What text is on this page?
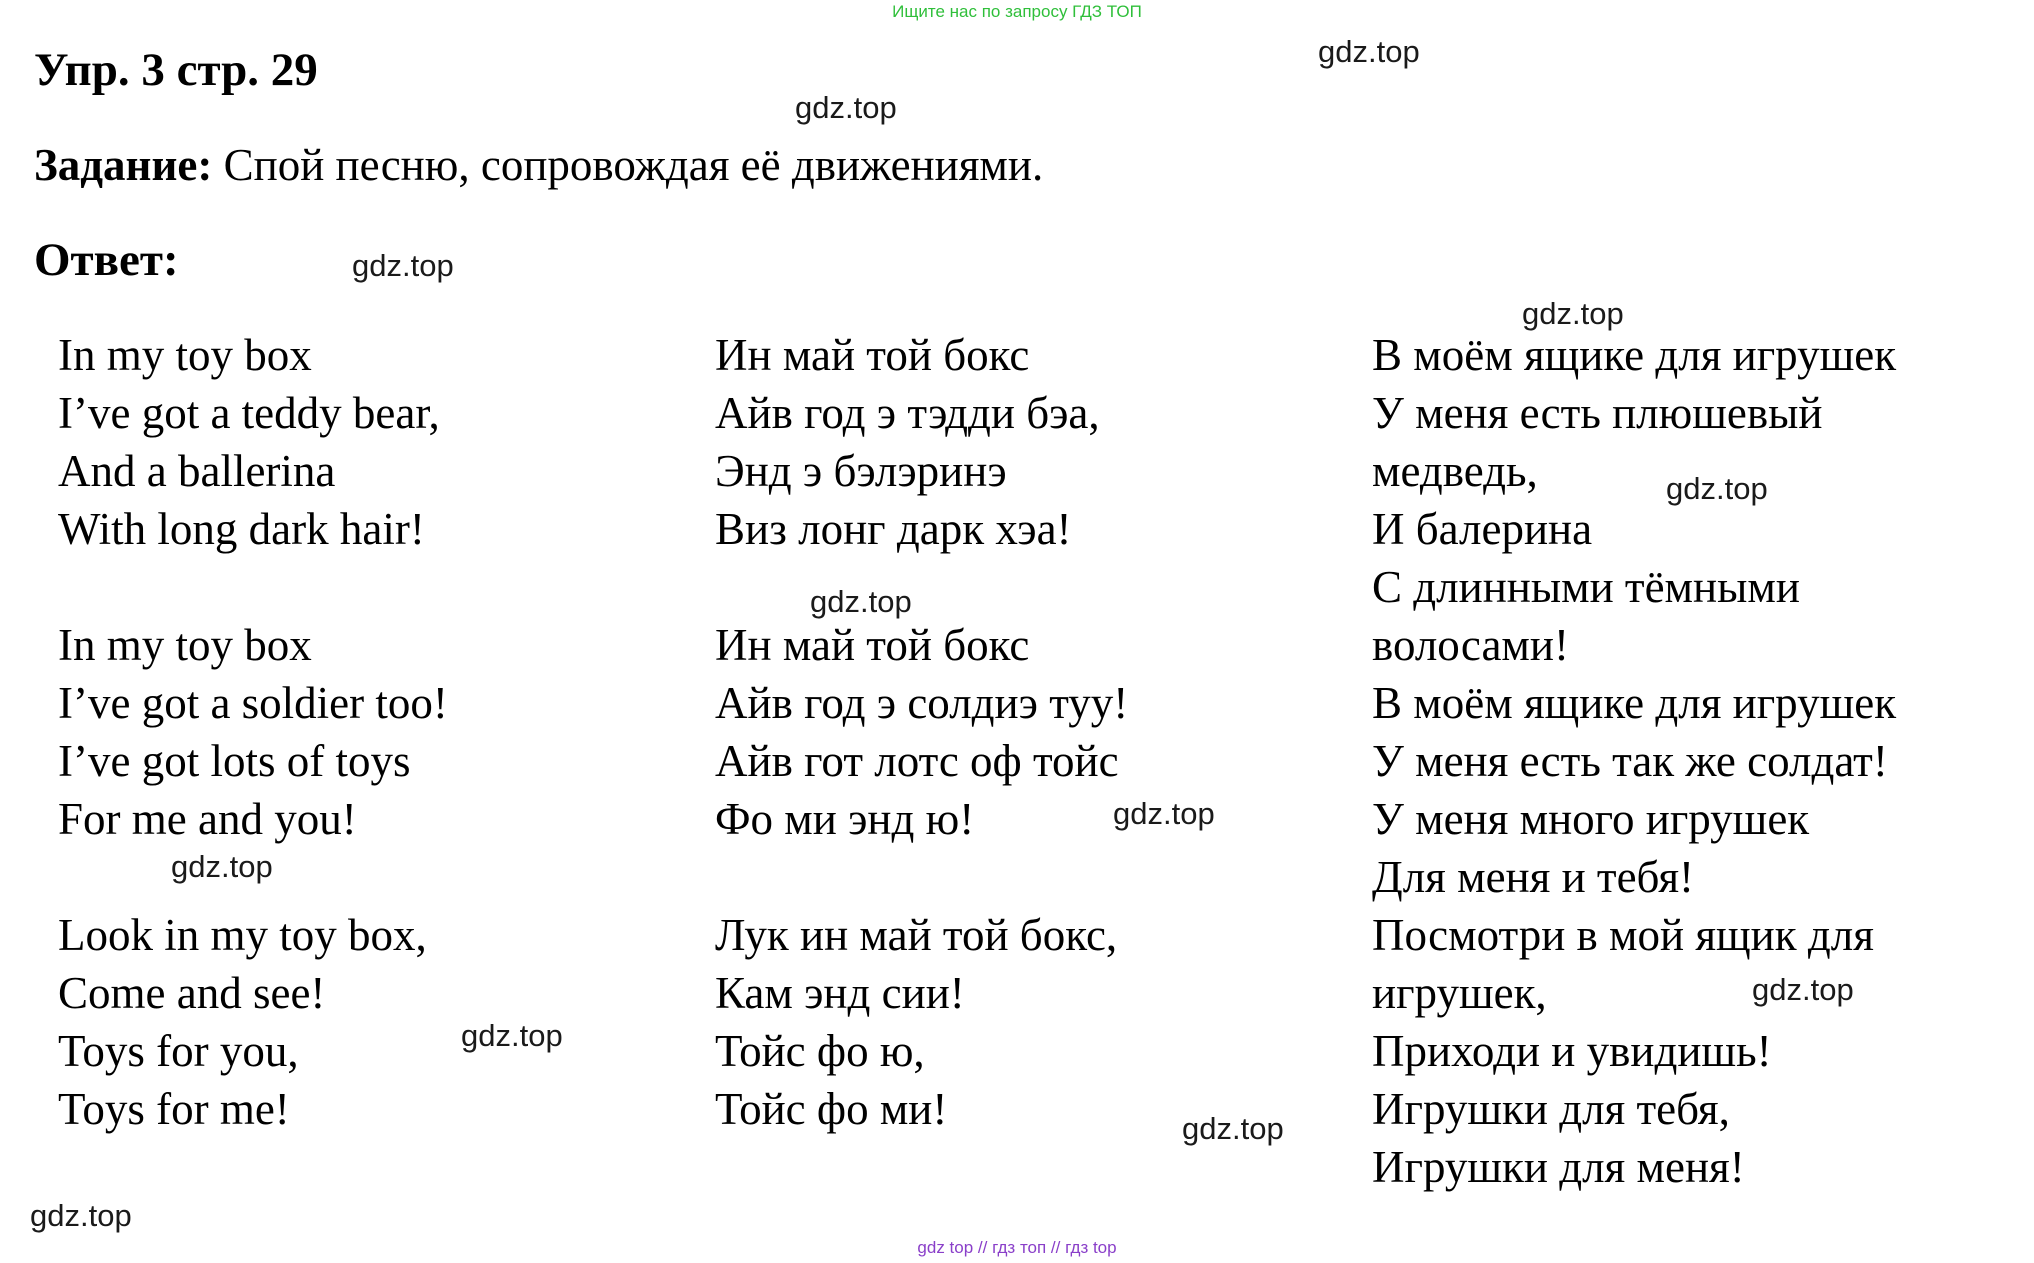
Ищите нас по запросу ГДЗ ТОП
Упр. 3 стр. 29
Задание: Спой песню, сопровождая её движениями.
Ответ:
In my toy box
I’ve got a teddy bear,
And a ballerina
With long dark hair!
In my toy box
I’ve got a soldier too!
I’ve got lots of toys
For me and you!
Look in my toy box,
Come and see!
Toys for you,
Toys for me!
Ин май той бокс
Айв год э тэдди бэа,
Энд э бэлэринэ
Виз лонг дарк хэа!
Ин май той бокс
Айв год э солдиэ туу!
Айв гот лотс оф тойс
Фо ми энд ю!
Лук ин май той бокс,
Кам энд сии!
Тойс фо ю,
Тойс фо ми!
В моём ящике для игрушек
У меня есть плюшевый
медведь,
И балерина
С длинными тёмными
волосами!
В моём ящике для игрушек
У меня есть так же солдат!
У меня много игрушек
Для меня и тебя!
Посмотри в мой ящик для
игрушек,
Приходи и увидишь!
Игрушки для тебя,
Игрушки для меня!
gdz.top
gdz.top
gdz.top
gdz.top
gdz.top
gdz.top
gdz.top
gdz.top
gdz.top
gdz.top
gdz.top
gdz.top
gdz top // гдз топ // гдз top
